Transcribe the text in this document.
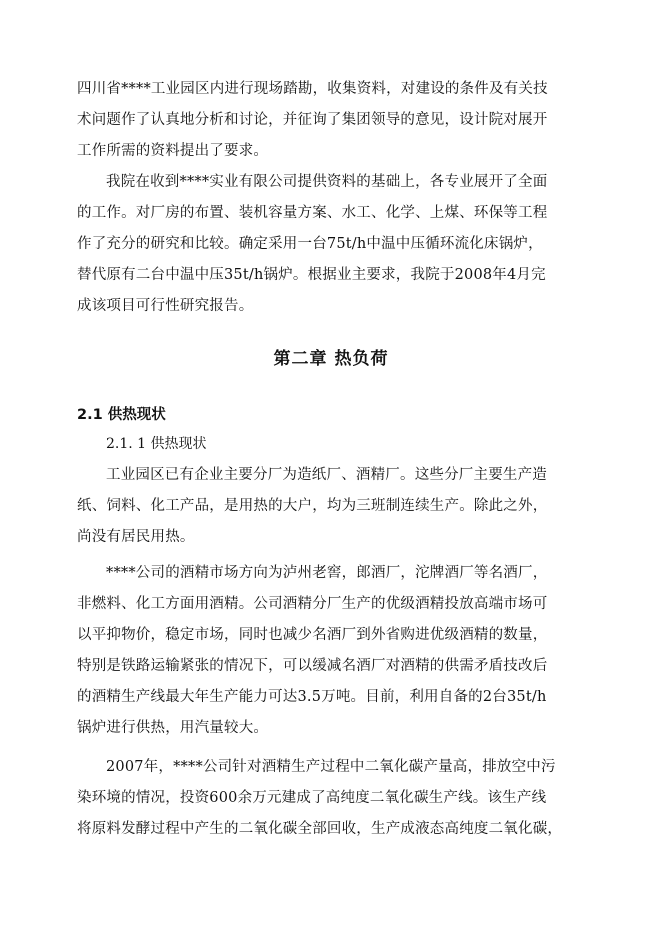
四川省****工业园区内进行现场踏勘，收集资料，对建设的条件及有关技
术问题作了认真地分析和讨论，并征询了集团领导的意见，设计院对展开
工作所需的资料提出了要求。
我院在收到****实业有限公司提供资料的基础上，各专业展开了全面
的工作。对厂房的布置、装机容量方案、水工、化学、上煤、环保等工程
作了充分的研究和比较。确定采用一台75t/h中温中压循环流化床锅炉，
替代原有二台中温中压35t/h锅炉。根据业主要求，我院于2008年4月完
成该项目可行性研究报告。
第二章 热负荷
2.1 供热现状
2.1. 1 供热现状
工业园区已有企业主要分厂为造纸厂、酒精厂。这些分厂主要生产造
纸、饲料、化工产品，是用热的大户，均为三班制连续生产。除此之外，
尚没有居民用热。
****公司的酒精市场方向为泸州老窖，郎酒厂，沱牌酒厂等名酒厂，
非燃料、化工方面用酒精。公司酒精分厂生产的优级酒精投放高端市场可
以平抑物价，稳定市场，同时也减少名酒厂到外省购进优级酒精的数量，
特别是铁路运输紧张的情况下，可以缓减名酒厂对酒精的供需矛盾技改后
的酒精生产线最大年生产能力可达3.5万吨。目前，利用自备的2台35t/h
锅炉进行供热，用汽量较大。
2007年，****公司针对酒精生产过程中二氧化碳产量高，排放空中污
染环境的情况，投资600余万元建成了高纯度二氧化碳生产线。该生产线
将原料发酵过程中产生的二氧化碳全部回收，生产成液态高纯度二氧化碳，
